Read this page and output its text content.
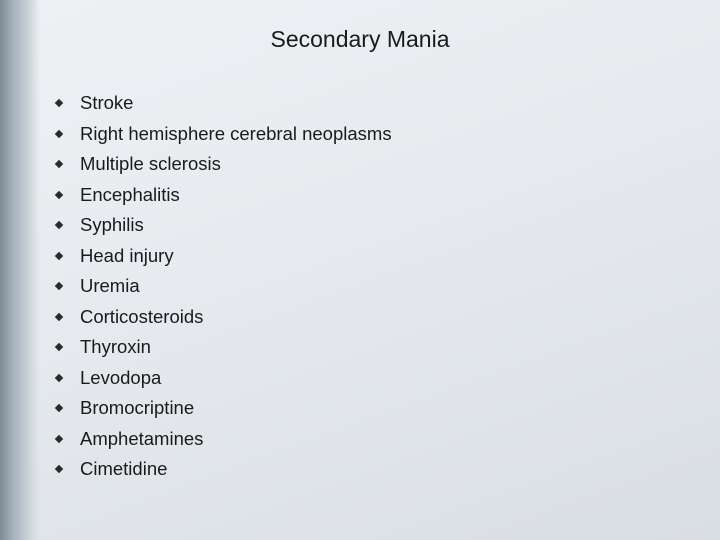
Secondary Mania
Stroke
Right hemisphere cerebral neoplasms
Multiple sclerosis
Encephalitis
Syphilis
Head injury
Uremia
Corticosteroids
Thyroxin
Levodopa
Bromocriptine
Amphetamines
Cimetidine
